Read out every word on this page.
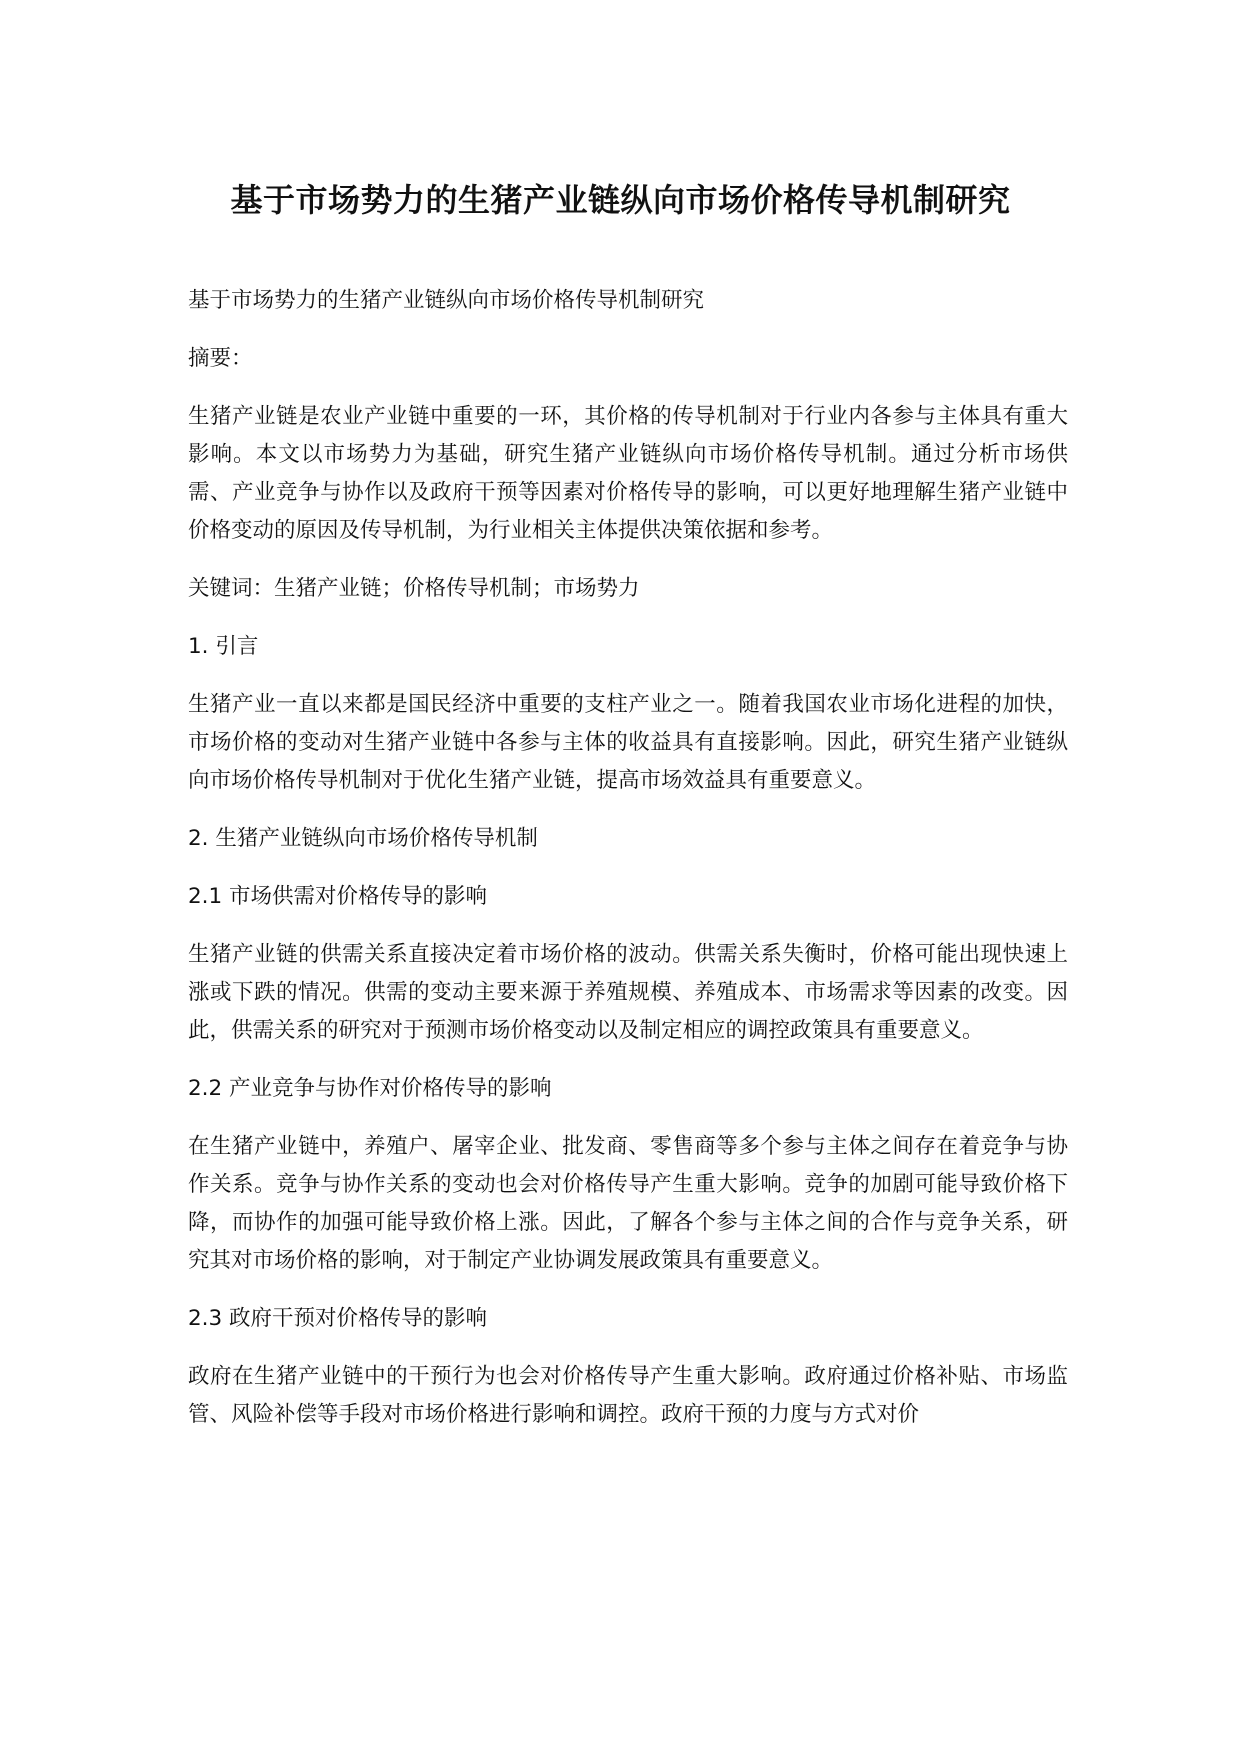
基于市场势力的生猪产业链纵向市场价格传导机制研究

基于市场势力的生猪产业链纵向市场价格传导机制研究

摘要：

生猪产业链是农业产业链中重要的一环，其价格的传导机制对于行业内各参与主体具有重大影响。本文以市场势力为基础，研究生猪产业链纵向市场价格传导机制。通过分析市场供需、产业竞争与协作以及政府干预等因素对价格传导的影响，可以更好地理解生猪产业链中价格变动的原因及传导机制，为行业相关主体提供决策依据和参考。

关键词：生猪产业链；价格传导机制；市场势力

1. 引言

生猪产业一直以来都是国民经济中重要的支柱产业之一。随着我国农业市场化进程的加快，市场价格的变动对生猪产业链中各参与主体的收益具有直接影响。因此，研究生猪产业链纵向市场价格传导机制对于优化生猪产业链，提高市场效益具有重要意义。

2. 生猪产业链纵向市场价格传导机制

2.1 市场供需对价格传导的影响

生猪产业链的供需关系直接决定着市场价格的波动。供需关系失衡时，价格可能出现快速上涨或下跌的情况。供需的变动主要来源于养殖规模、养殖成本、市场需求等因素的改变。因此，供需关系的研究对于预测市场价格变动以及制定相应的调控政策具有重要意义。

2.2 产业竞争与协作对价格传导的影响

在生猪产业链中，养殖户、屠宰企业、批发商、零售商等多个参与主体之间存在着竞争与协作关系。竞争与协作关系的变动也会对价格传导产生重大影响。竞争的加剧可能导致价格下降，而协作的加强可能导致价格上涨。因此，了解各个参与主体之间的合作与竞争关系，研究其对市场价格的影响，对于制定产业协调发展政策具有重要意义。

2.3 政府干预对价格传导的影响

政府在生猪产业链中的干预行为也会对价格传导产生重大影响。政府通过价格补贴、市场监管、风险补偿等手段对市场价格进行影响和调控。政府干预的力度与方式对价
